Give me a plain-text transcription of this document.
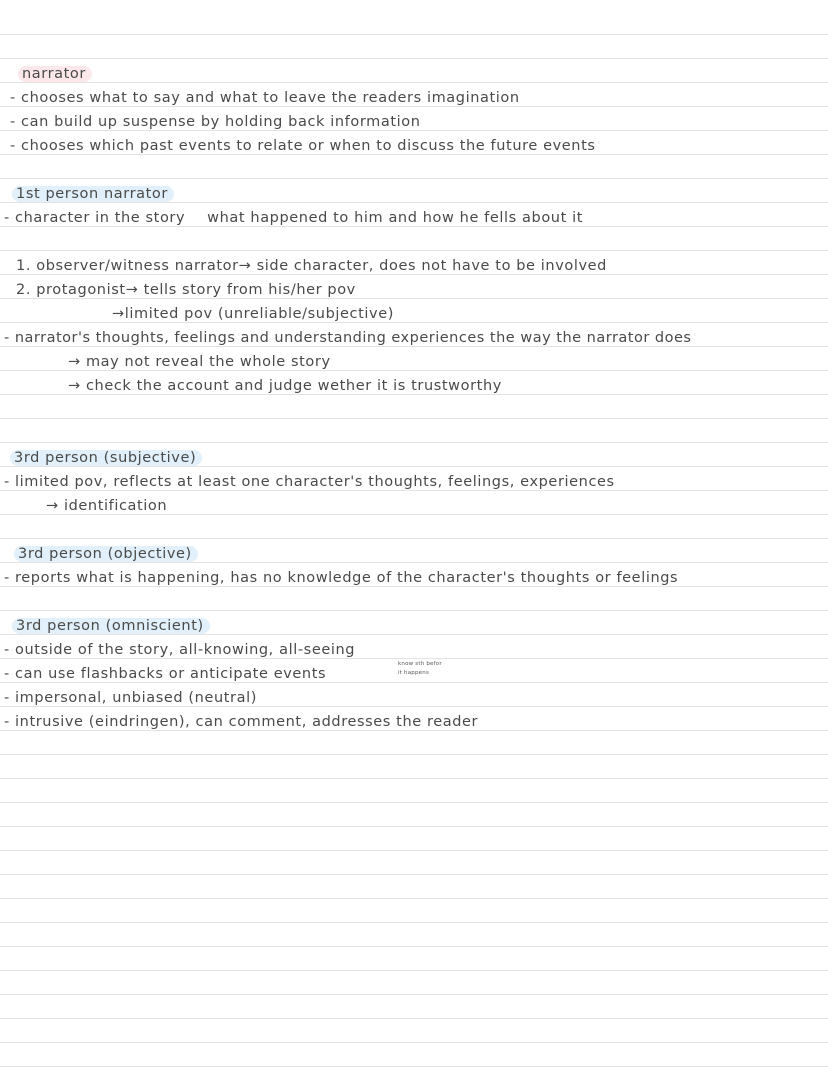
narrator
- chooses what to say and what to leave the readers imagination
- can build up suspense by holding back information
- chooses which past events to relate or when to discuss the future events
1st person narrator
- character in the story what happened to him and how he fells about it
1. observer/witness narrator→ side character, does not have to be involved
2. protagonist→ tells story from his/her pov
→limited pov (unreliable/subjective)
- narrator's thoughts, feelings and understanding experiences the way the narrator does
→ may not reveal the whole story
→ check the account and judge wether it is trustworthy
3rd person (subjective)
- limited pov, reflects at least one character's thoughts, feelings, experiences
→ identification
3rd person (objective)
- reports what is happening, has no knowledge of the character's thoughts or feelings
3rd person (omniscient)
- outside of the story, all-knowing, all-seeing
- can use flashbacks or anticipate events
- impersonal, unbiased (neutral)
- intrusive (eindringen), can comment, addresses the reader
know sth befor
it happens
